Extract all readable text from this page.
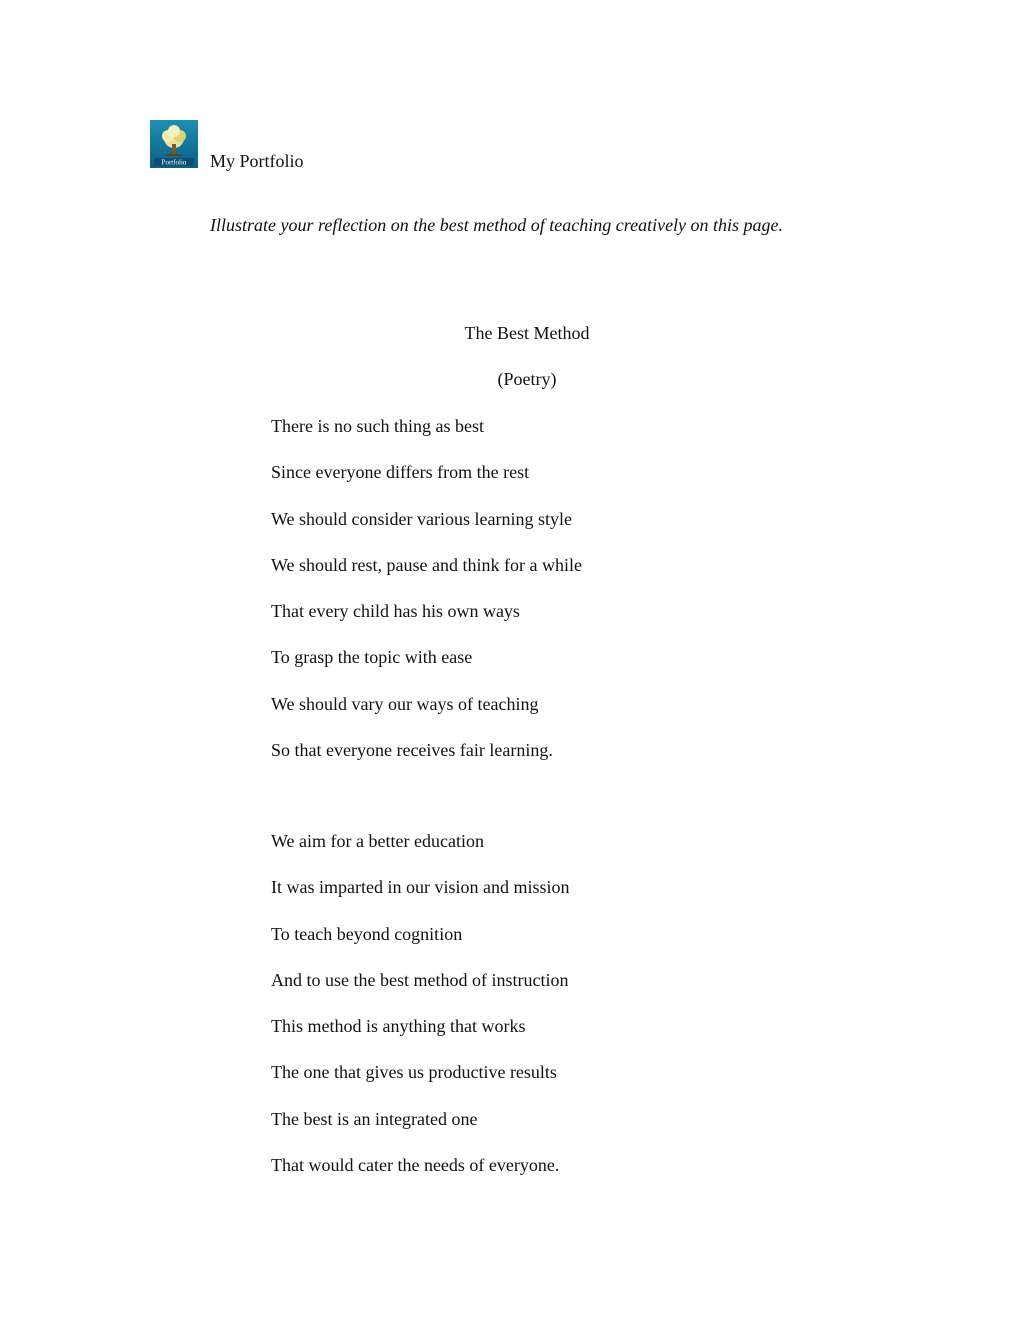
Portfolio My Portfolio
Illustrate your reflection on the best method of teaching creatively on this page.
The Best Method
(Poetry)
There is no such thing as best
Since everyone differs from the rest
We should consider various learning style
We should rest, pause and think for a while
That every child has his own ways
To grasp the topic with ease
We should vary our ways of teaching
So that everyone receives fair learning.
We aim for a better education
It was imparted in our vision and mission
To teach beyond cognition
And to use the best method of instruction
This method is anything that works
The one that gives us productive results
The best is an integrated one
That would cater the needs of everyone.
